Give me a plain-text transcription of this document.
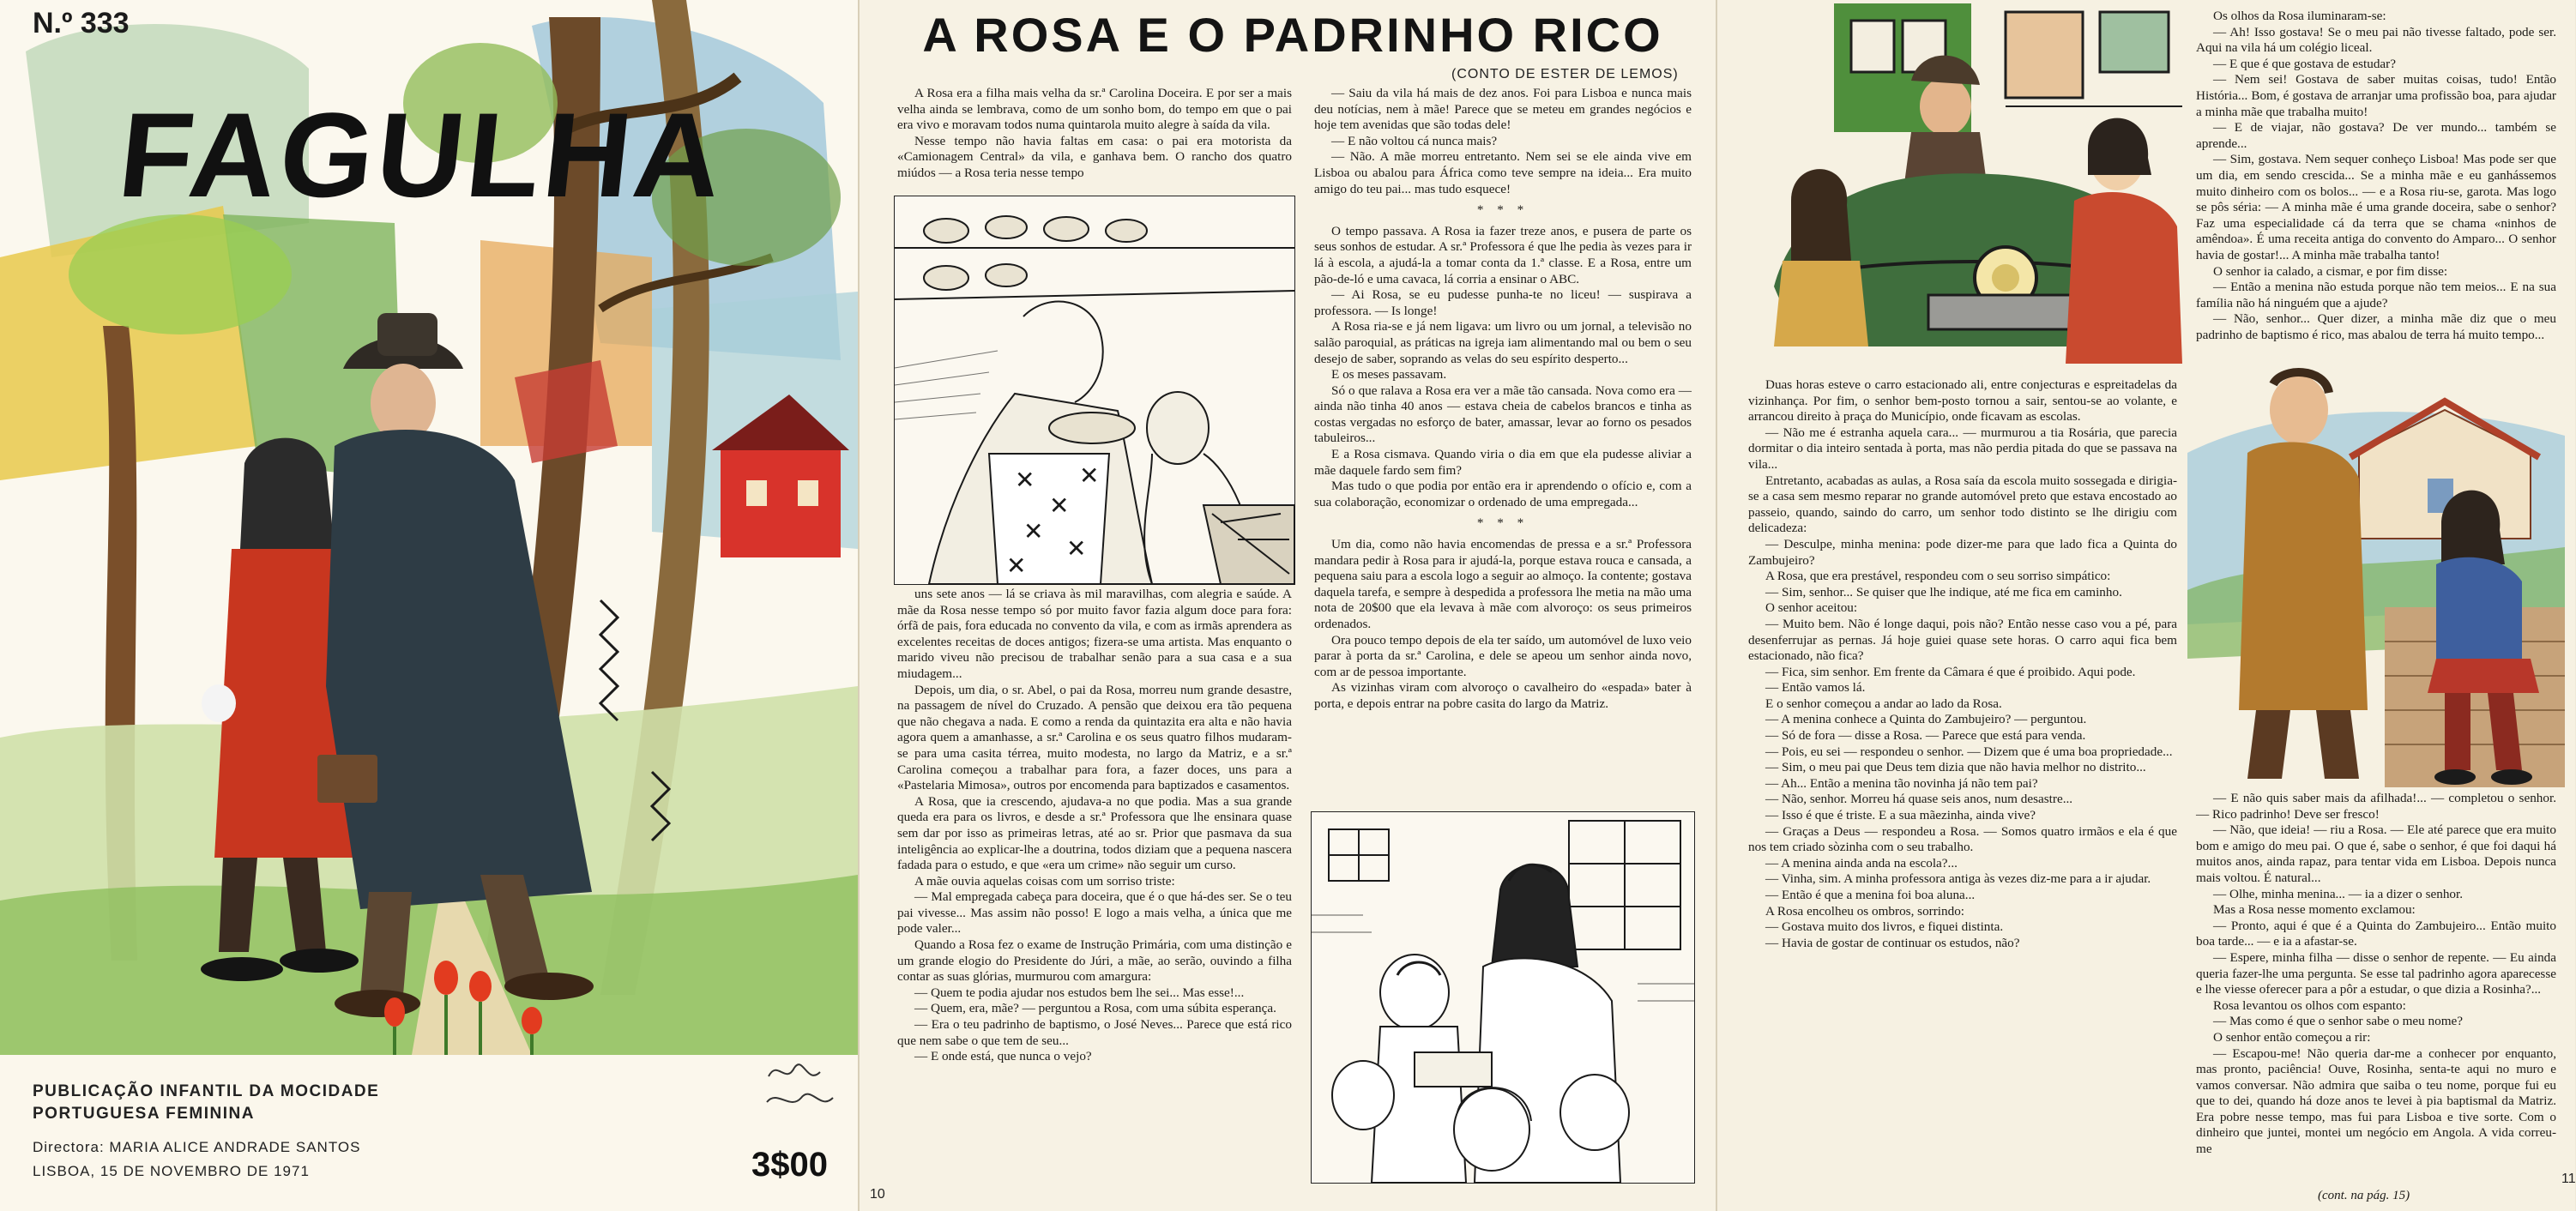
N.º 333
FAGULHA
PUBLICAÇÃO INFANTIL DA MOCIDADE
PORTUGUESA FEMININA
Directora: MARIA ALICE ANDRADE SANTOS
LISBOA, 15 DE NOVEMBRO DE 1971	3$00
A ROSA E O PADRINHO RICO
(CONTO DE ESTER DE LEMOS)

A Rosa era a filha mais velha da sr.ª Carolina Doceira. E por ser a mais velha ainda se lembrava, como de um sonho bom, do tempo em que o pai era vivo e moravam todos numa quintarola muito alegre à saída da vila.

Nesse tempo não havia faltas em casa: o pai era motorista da «Camionagem Central» da vila, e ganhava bem. O rancho dos quatro miúdos — a Rosa teria nesse tempo

✕
✕
✕
✕
✕
✕

uns sete anos — lá se criava às mil maravilhas, com alegria e saúde. A mãe da Rosa nesse tempo só por muito favor fazia algum doce para fora: órfã de pais, fora educada no convento da vila, e com as irmãs aprendera as excelentes receitas de doces antigos; fizera-se uma artista. Mas enquanto o marido viveu não precisou de trabalhar senão para a sua casa e a sua miudagem...

Depois, um dia, o sr. Abel, o pai da Rosa, morreu num grande desastre, na passagem de nível do Cruzado. A pensão que deixou era tão pequena que não chegava a nada. E como a renda da quintazita era alta e não havia agora quem a amanhasse, a sr.ª Carolina e os seus quatro filhos mudaram-se para uma casita térrea, muito modesta, no largo da Matriz, e a sr.ª Carolina começou a trabalhar para fora, a fazer doces, uns para a «Pastelaria Mimosa», outros por encomenda para baptizados e casamentos.

A Rosa, que ia crescendo, ajudava-a no que podia. Mas a sua grande queda era para os livros, e desde a sr.ª Professora que lhe ensinara quase sem dar por isso as primeiras letras, até ao sr. Prior que pasmava da sua inteligência ao explicar-lhe a doutrina, todos diziam que a pequena nascera fadada para o estudo, e que «era um crime» não seguir um curso.

A mãe ouvia aquelas coisas com um sorriso triste:

— Mal empregada cabeça para doceira, que é o que há-des ser. Se o teu pai vivesse... Mas assim não posso! E logo a mais velha, a única que me pode valer...

Quando a Rosa fez o exame de Instrução Primária, com uma distinção e um grande elogio do Presidente do Júri, a mãe, ao serão, ouvindo a filha contar as suas glórias, murmurou com amargura:

— Quem te podia ajudar nos estudos bem lhe sei... Mas esse!...

— Quem, era, mãe? — perguntou a Rosa, com uma súbita esperança.

— Era o teu padrinho de baptismo, o José Neves... Parece que está rico que nem sabe o que tem de seu...

— E onde está, que nunca o vejo?

— Saiu da vila há mais de dez anos. Foi para Lisboa e nunca mais deu notícias, nem à mãe! Parece que se meteu em grandes negócios e hoje tem avenidas que são todas dele!

— E não voltou cá nunca mais?

— Não. A mãe morreu entretanto. Nem sei se ele ainda vive em Lisboa ou abalou para África como teve sempre na ideia... Era muito amigo do teu pai... mas tudo esquece!

* * *

O tempo passava. A Rosa ia fazer treze anos, e pusera de parte os seus sonhos de estudar. A sr.ª Professora é que lhe pedia às vezes para ir lá à escola, a ajudá-la a tomar conta da 1.ª classe. E a Rosa, entre um pão-de-ló e uma cavaca, lá corria a ensinar o ABC.

— Ai Rosa, se eu pudesse punha-te no liceu! — suspirava a professora. — Is longe!

A Rosa ria-se e já nem ligava: um livro ou um jornal, a televisão no salão paroquial, as práticas na igreja iam alimentando mal ou bem o seu desejo de saber, soprando as velas do seu espírito desperto...

E os meses passavam.

Só o que ralava a Rosa era ver a mãe tão cansada. Nova como era — ainda não tinha 40 anos — estava cheia de cabelos brancos e tinha as costas vergadas no esforço de bater, amassar, levar ao forno os pesados tabuleiros...

E a Rosa cismava. Quando viria o dia em que ela pudesse aliviar a mãe daquele fardo sem fim?

Mas tudo o que podia por então era ir aprendendo o ofício e, com a sua colaboração, economizar o ordenado de uma empregada...

* * *

Um dia, como não havia encomendas de pressa e a sr.ª Professora mandara pedir à Rosa para ir ajudá-la, porque estava rouca e cansada, a pequena saiu para a escola logo a seguir ao almoço. Ia contente; gostava daquela tarefa, e sempre à despedida a professora lhe metia na mão uma nota de 20$00 que ela levava à mãe com alvoroço: os seus primeiros ordenados.

Ora pouco tempo depois de ela ter saído, um automóvel de luxo veio parar à porta da sr.ª Carolina, e dele se apeou um senhor ainda novo, com ar de pessoa importante.

As vizinhas viram com alvoroço o cavalheiro do «espada» bater à porta, e depois entrar na pobre casita do largo da Matriz.

10

Duas horas esteve o carro estacionado ali, entre conjecturas e espreitadelas da vizinhança. Por fim, o senhor bem-posto tornou a sair, sentou-se ao volante, e arrancou direito à praça do Município, onde ficavam as escolas.

— Não me é estranha aquela cara... — murmurou a tia Rosária, que parecia dormitar o dia inteiro sentada à porta, mas não perdia pitada do que se passava na vila...

Entretanto, acabadas as aulas, a Rosa saía da escola muito sossegada e dirigia-se a casa sem mesmo reparar no grande automóvel preto que estava encostado ao passeio, quando, saindo do carro, um senhor todo distinto se lhe dirigiu com delicadeza:

— Desculpe, minha menina: pode dizer-me para que lado fica a Quinta do Zambujeiro?

A Rosa, que era prestável, respondeu com o seu sorriso simpático:

— Sim, senhor... Se quiser que lhe indique, até me fica em caminho.

O senhor aceitou:

— Muito bem. Não é longe daqui, pois não? Então nesse caso vou a pé, para desenferrujar as pernas. Já hoje guiei quase sete horas. O carro aqui fica bem estacionado, não fica?

— Fica, sim senhor. Em frente da Câmara é que é proibido. Aqui pode.

— Então vamos lá.

E o senhor começou a andar ao lado da Rosa.

— A menina conhece a Quinta do Zambujeiro? — perguntou.

— Só de fora — disse a Rosa. — Parece que está para venda.

— Pois, eu sei — respondeu o senhor. — Dizem que é uma boa propriedade...

— Sim, o meu pai que Deus tem dizia que não havia melhor no distrito...

— Ah... Então a menina tão novinha já não tem pai?

— Não, senhor. Morreu há quase seis anos, num desastre...

— Isso é que é triste. E a sua mãezinha, ainda vive?

— Graças a Deus — respondeu a Rosa. — Somos quatro irmãos e ela é que nos tem criado sòzinha com o seu trabalho.

— A menina ainda anda na escola?...

— Vinha, sim. A minha professora antiga às vezes diz-me para a ir ajudar.

— Então é que a menina foi boa aluna...

A Rosa encolheu os ombros, sorrindo:

— Gostava muito dos livros, e fiquei distinta.

— Havia de gostar de continuar os estudos, não?

Os olhos da Rosa iluminaram-se:

— Ah! Isso gostava! Se o meu pai não tivesse faltado, pode ser. Aqui na vila há um colégio liceal.

— E que é que gostava de estudar?

— Nem sei! Gostava de saber muitas coisas, tudo! Então História... Bom, é gostava de arranjar uma profissão boa, para ajudar a minha mãe que trabalha muito!

— E de viajar, não gostava? De ver mundo... também se aprende...

— Sim, gostava. Nem sequer conheço Lisboa! Mas pode ser que um dia, em sendo crescida... Se a minha mãe e eu ganhássemos muito dinheiro com os bolos... — e a Rosa riu-se, garota. Mas logo se pôs séria: — A minha mãe é uma grande doceira, sabe o senhor? Faz uma especialidade cá da terra que se chama «ninhos de amêndoa». É uma receita antiga do convento do Amparo... O senhor havia de gostar!... A minha mãe trabalha tanto!

O senhor ia calado, a cismar, e por fim disse:

— Então a menina não estuda porque não tem meios... E na sua família não há ninguém que a ajude?

— Não, senhor... Quer dizer, a minha mãe diz que o meu padrinho de baptismo é rico, mas abalou de terra há muito tempo...

— E não quis saber mais da afilhada!... — completou o senhor. — Rico padrinho! Deve ser fresco!

— Não, que ideia! — riu a Rosa. — Ele até parece que era muito bom e amigo do meu pai. O que é, sabe o senhor, é que foi daqui há muitos anos, ainda rapaz, para tentar vida em Lisboa. Depois nunca mais voltou. É natural...

— Olhe, minha menina... — ia a dizer o senhor.

Mas a Rosa nesse momento exclamou:

— Pronto, aqui é que é a Quinta do Zambujeiro... Então muito boa tarde... — e ia a afastar-se.

— Espere, minha filha — disse o senhor de repente. — Eu ainda queria fazer-lhe uma pergunta. Se esse tal padrinho agora aparecesse e lhe viesse oferecer para a pôr a estudar, o que dizia a Rosinha?...

Rosa levantou os olhos com espanto:

— Mas como é que o senhor sabe o meu nome?

O senhor então começou a rir:

— Escapou-me! Não queria dar-me a conhecer por enquanto, mas pronto, paciência! Ouve, Rosinha, senta-te aqui no muro e vamos conversar. Não admira que saiba o teu nome, porque fui eu que to dei, quando há doze anos te levei à pia baptismal da Matriz. Era pobre nesse tempo, mas fui para Lisboa e tive sorte. Com o dinheiro que juntei, montei um negócio em Angola. A vida correu-me

(cont. na pág. 15)
11
